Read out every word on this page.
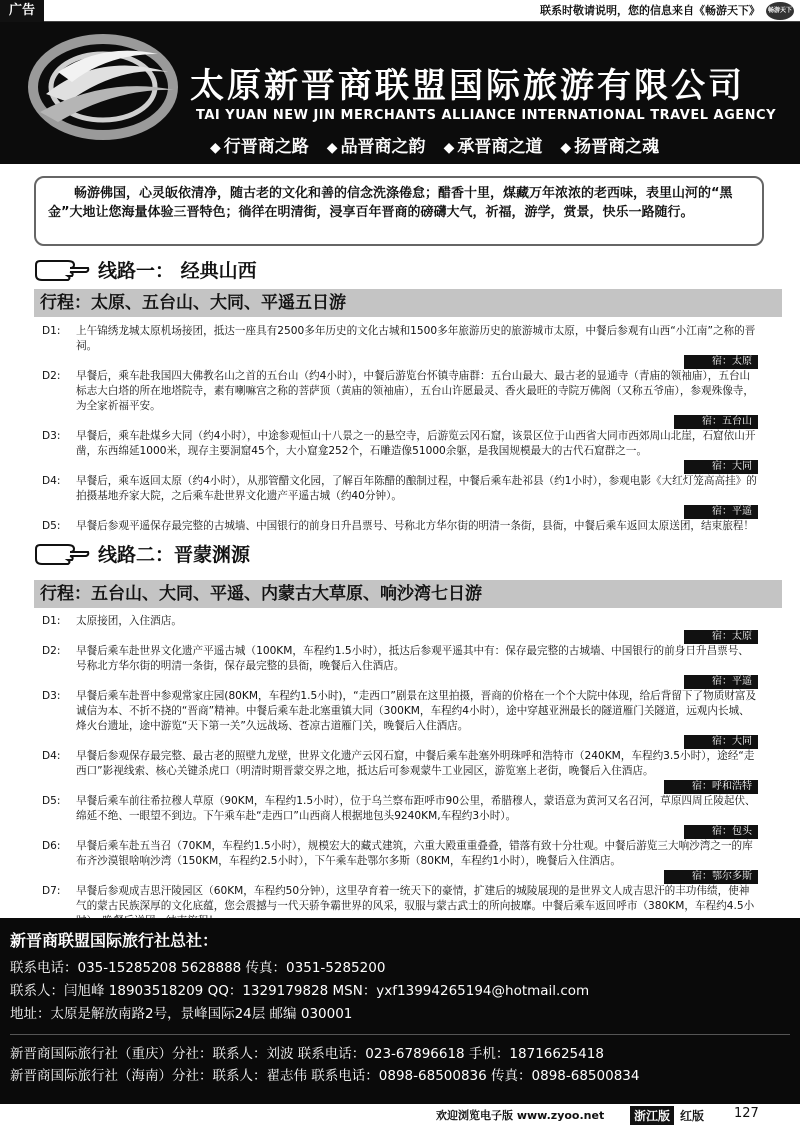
广告	联系时敬请说明，您的信息来自《畅游天下》	畅游天下
太原新晋商联盟国际旅游有限公司
TAI YUAN NEW JIN MERCHANTS ALLIANCE INTERNATIONAL TRAVEL AGENCY
◆ 行晋商之路	◆ 品晋商之韵	◆ 承晋商之道	◆ 扬晋商之魂
畅游佛国，心灵皈依清净，随古老的文化和善的信念洗涤倦怠；醋香十里，煤藏万年浓浓的老西味，表里山河的“黑金”大地让您海量体验三晋特色；徜徉在明清街，浸享百年晋商的磅礴大气，祈福，游学，赏景，快乐一路随行。
线路一： 经典山西
行程：太原、五台山、大同、平遥五日游
D1:	上午锦绣龙城太原机场接团，抵达一座具有2500多年历史的文化古城和1500多年旅游历史的旅游城市太原，中餐后参观有山西“小江南”之称的晋祠。
宿：太原
D2:	早餐后，乘车赴我国四大佛教名山之首的五台山（约4小时），中餐后游览台怀镇寺庙群：五台山最大、最古老的显通寺（青庙的领袖庙），五台山标志大白塔的所在地塔院寺，素有喇嘛宫之称的菩萨顶（黄庙的领袖庙），五台山许愿最灵、香火最旺的寺院万佛阁（又称五爷庙），参观殊像寺，为全家祈福平安。
宿：五台山
D3:	早餐后，乘车赴煤乡大同（约4小时），中途参观恒山十八景之一的悬空寺，后游览云冈石窟，该景区位于山西省大同市西郊周山北崖，石窟依山开凿，东西绵延1000米，现存主要洞窟45个，大小窟龛252个，石雕造像51000余躯，是我国规模最大的古代石窟群之一。
宿：大同
D4:	早餐后，乘车返回太原（约4小时），从那管醋文化园，了解百年陈醋的酿制过程，中餐后乘车赴祁县（约1小时），参观电影《大红灯笼高高挂》的拍摄基地乔家大院，之后乘车赴世界文化遗产平遥古城（约40分钟）。
宿：平遥
D5:	早餐后参观平遥保存最完整的古城墙、中国银行的前身日升昌票号、号称北方华尔街的明清一条街，县衙，中餐后乘车返回太原送团，结束旅程！
线路二：晋蒙渊源
行程：五台山、大同、平遥、内蒙古大草原、响沙湾七日游
D1:	太原接团，入住酒店。
宿：太原
D2:	早餐后乘车赴世界文化遗产平遥古城（100KM，车程约1.5小时），抵达后参观平遥其中有：保存最完整的古城墙、中国银行的前身日升昌票号、号称北方华尔街的明清一条街，保存最完整的县衙，晚餐后入住酒店。
宿：平遥
D3:	早餐后乘车赴晋中参观常家庄园(80KM，车程约1.5小时)，“走西口”剧景在这里拍摄，晋商的价格在一个个大院中体现，给后背留下了物质财富及诚信为本、不折不挠的“晋商”精神。中餐后乘车赴北塞重镇大同（300KM，车程约4小时），途中穿越亚洲最长的隧道雁门关隧道，远观内长城、烽火台遗址，途中游览“天下第一关”久远战场、苍凉古道雁门关，晚餐后入住酒店。
宿：大同
D4:	早餐后参观保存最完整、最古老的照壁九龙壁，世界文化遗产云冈石窟，中餐后乘车赴塞外明珠呼和浩特市（240KM，车程约3.5小时），途经“走西口”影视线索、核心关键杀虎口（明清时期晋蒙交界之地，抵达后可参观蒙牛工业园区，游览塞上老街，晚餐后入住酒店。
宿：呼和浩特
D5:	早餐后乘车前往希拉穆人草原（90KM，车程约1.5小时），位于乌兰察布距呼市90公里，希腊穆人，蒙语意为黄河又名召河，草原四周丘陵起伏、绵延不绝、一眼望不到边。下午乘车赴“走西口”山西商人根据地包头9240KM,车程约3小时）。
宿：包头
D6:	早餐后乘车赴五当召（70KM，车程约1.5小时），规模宏大的藏式建筑，六重大殿重重叠叠，错落有致十分壮观。中餐后游览三大响沙湾之一的库布齐沙漠银啥响沙湾（150KM，车程约2.5小时），下午乘车赴鄂尔多斯（80KM，车程约1小时），晚餐后入住酒店。
宿：鄂尔多斯
D7:	早餐后参观成吉思汗陵园区（60KM，车程约50分钟），这里孕育着一统天下的豪情，扩建后的城陵展现的是世界文人成吉思汗的丰功伟绩，使神气的蒙古民族深厚的文化底蕴，您会震撼与一代天骄争霸世界的风采，驭服与蒙古武士的所向披靡。中餐后乘车返回呼市（380KM，车程约4.5小
新晋商联盟国际旅行社总社：
联系电话：035-15285208 5628888 传真：0351-5285200
联系人：闫旭峰 18903518209 QQ：1329179828 MSN：yxf13994265194@hotmail.com
地址：太原是解放南路2号，景峰国际24层 邮编 030001
新晋商国际旅行社（重庆）分社：联系人：刘波 联系电话：023-67896618 手机：18716625418
新晋商国际旅行社（海南）分社：联系人：翟志伟 联系电话：0898-68500836 传真：0898-68500834
欢迎浏览电子版 www.zyoo.net	浙江版 红版 127
